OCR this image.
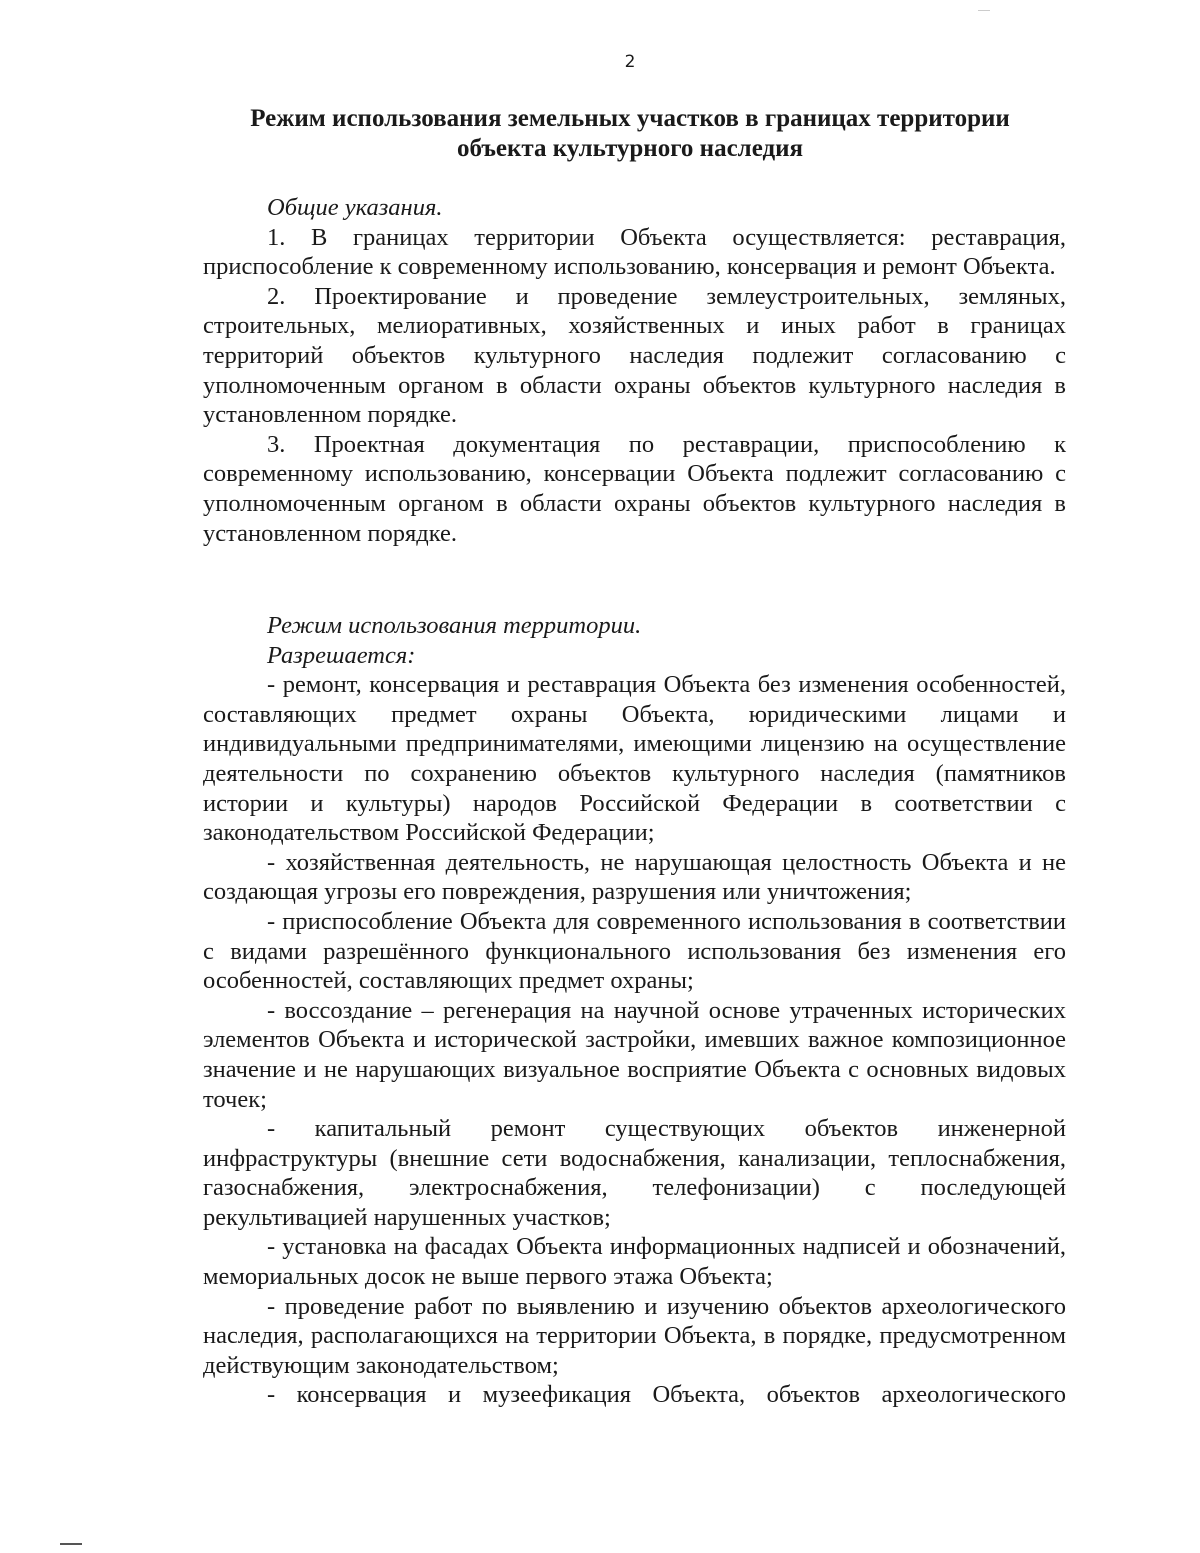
2
Режим использования земельных участков в границах территории
объекта культурного наследия

Общие указания.

1. В границах территории Объекта осуществляется: реставрация, приспособление к современному использованию, консервация и ремонт Объекта.

2. Проектирование и проведение землеустроительных, земляных, строительных, мелиоративных, хозяйственных и иных работ в границах территорий объектов культурного наследия подлежит согласованию с уполномоченным органом в области охраны объектов культурного наследия в установленном порядке.

3. Проектная документация по реставрации, приспособлению к современному использованию, консервации Объекта подлежит согласованию с уполномоченным органом в области охраны объектов культурного наследия в установленном порядке.

Режим использования территории.

Разрешается:

- ремонт, консервация и реставрация Объекта без изменения особенностей, составляющих предмет охраны Объекта, юридическими лицами и индивидуальными предпринимателями, имеющими лицензию на осуществление деятельности по сохранению объектов культурного наследия (памятников истории и культуры) народов Российской Федерации в соответствии с законодательством Российской Федерации;

- хозяйственная деятельность, не нарушающая целостность Объекта и не создающая угрозы его повреждения, разрушения или уничтожения;

- приспособление Объекта для современного использования в соответствии с видами разрешённого функционального использования без изменения его особенностей, составляющих предмет охраны;

- воссоздание – регенерация на научной основе утраченных исторических элементов Объекта и исторической застройки, имевших важное композиционное значение и не нарушающих визуальное восприятие Объекта с основных видовых точек;

- капитальный ремонт существующих объектов инженерной инфраструктуры (внешние сети водоснабжения, канализации, теплоснабжения, газоснабжения, электроснабжения, телефонизации) с последующей рекультивацией нарушенных участков;

- установка на фасадах Объекта информационных надписей и обозначений, мемориальных досок не выше первого этажа Объекта;

- проведение работ по выявлению и изучению объектов археологического наследия, располагающихся на территории Объекта, в порядке, предусмотренном действующим законодательством;

- консервация и музеефикация Объекта, объектов археологического
